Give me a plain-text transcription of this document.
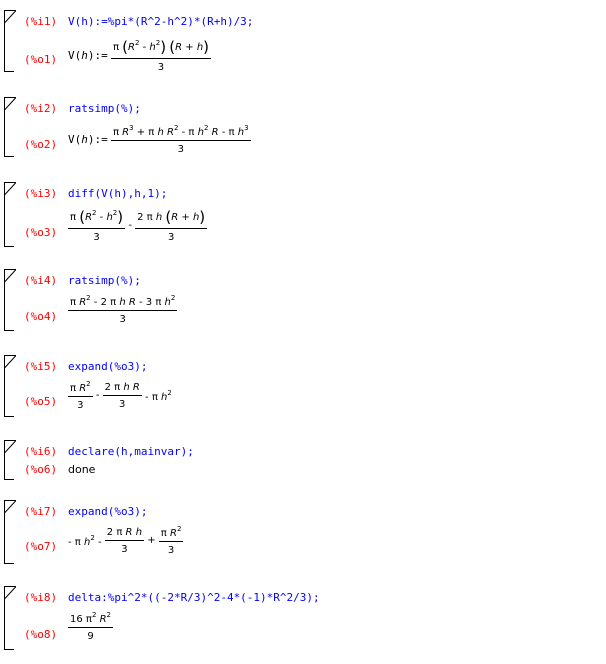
(%i1) V(h):=%pi*(R^2-h^2)*(R+h)/3;
(%o1) V(h):= $\frac{\pi (R^2 - h^2) (R + h)}{3}$
(%i2) ratsimp(%);
(%o2) V(h):= $\frac{\pi R^3 + \pi h R^2 - \pi h^2 R - \pi h^3}{3}$
(%i3) diff(V(h),h,1);
$(\%o3) \frac{\pi (R^2 - h^2)}{3} - \frac{\text{2 π h (R + h)}}{3}$
(%i4) ratsimp(%);
$(\%o4) \frac{\pi R^2 - 2 \pi h R - 3 \pi h^2}{3}$
(%i5) expand(%o3);
$(\%o5) \frac{\pi R^2}{3} - \frac{\text{2 π h R}}{3}$ - π $h^2$
(%i6) declare(h,mainvar);
(%o6) done
(%i7) expand(%o3);
(%o7) - π $h^2 - \frac{\text{2 π R h}}{3} + \frac{\pi R^2}{3}$
(%i8) delta:%pi^2*((-2*R/3)^2-4*(-1)*R^2/3);
$(\%o8) \frac{16 \pi^2 R^2}{9}$
